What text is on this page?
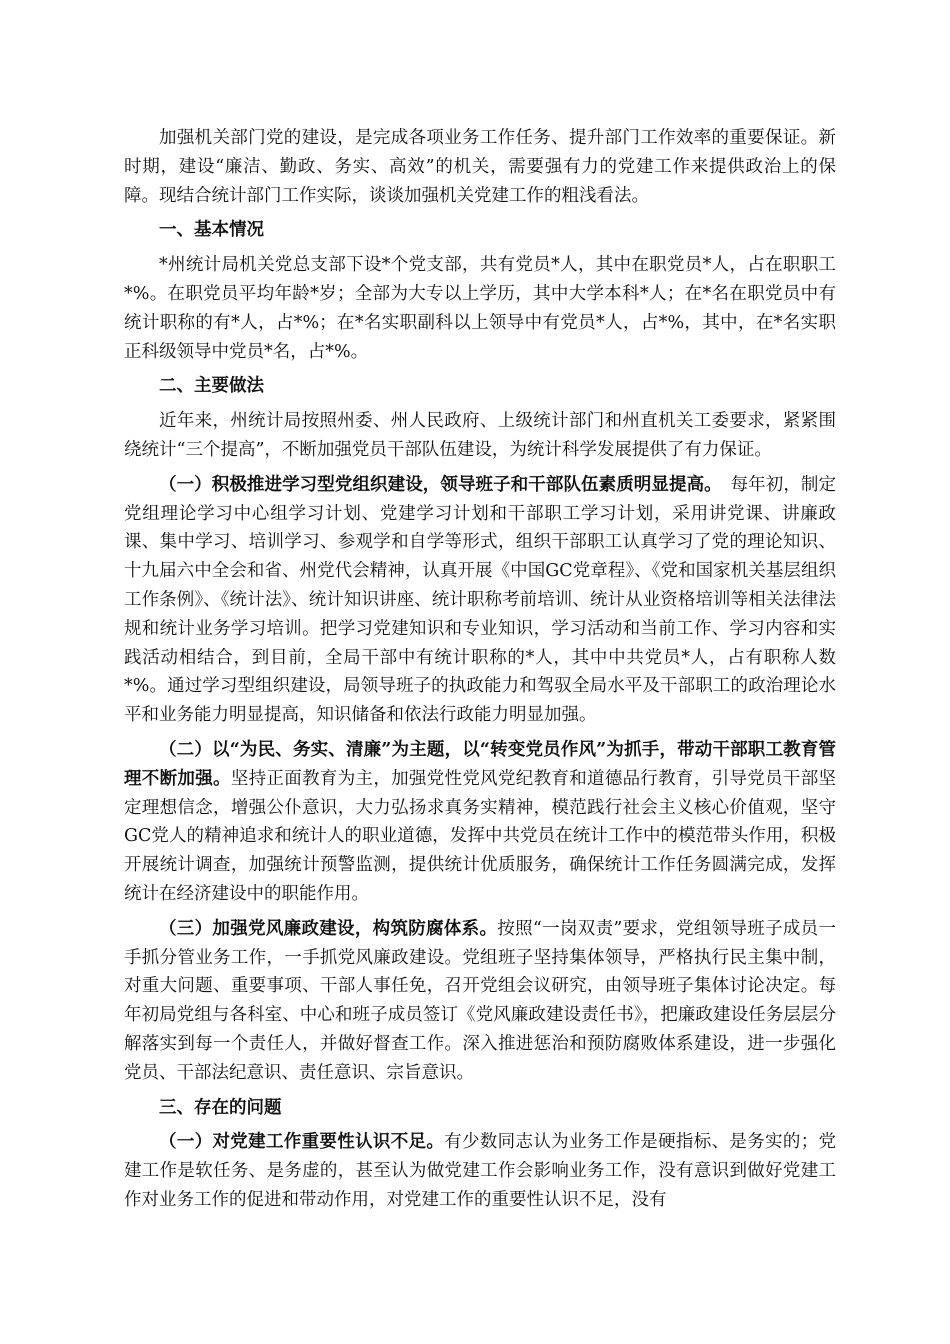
加强机关部门党的建设，是完成各项业务工作任务、提升部门工作效率的重要保证。新时期，建设“廉洁、勤政、务实、高效”的机关，需要强有力的党建工作来提供政治上的保障。现结合统计部门工作实际，谈谈加强机关党建工作的粗浅看法。

一、基本情况

*州统计局机关党总支部下设*个党支部，共有党员*人，其中在职党员*人，占在职职工*%。在职党员平均年龄*岁；全部为大专以上学历，其中大学本科*人；在*名在职党员中有统计职称的有*人，占*%；在*名实职副科以上领导中有党员*人，占*%，其中，在*名实职正科级领导中党员*名，占*%。

二、主要做法

近年来，州统计局按照州委、州人民政府、上级统计部门和州直机关工委要求，紧紧围绕统计“三个提高”，不断加强党员干部队伍建设，为统计科学发展提供了有力保证。

（一）积极推进学习型党组织建设，领导班子和干部队伍素质明显提高。　每年初，制定党组理论学习中心组学习计划、党建学习计划和干部职工学习计划，采用讲党课、讲廉政课、集中学习、培训学习、参观学和自学等形式，组织干部职工认真学习了党的理论知识、十九届六中全会和省、州党代会精神，认真开展《中国GC党章程》、《党和国家机关基层组织工作条例》、《统计法》、统计知识讲座、统计职称考前培训、统计从业资格培训等相关法律法规和统计业务学习培训。把学习党建知识和专业知识，学习活动和当前工作、学习内容和实践活动相结合，到目前，全局干部中有统计职称的*人，其中中共党员*人，占有职称人数*%。通过学习型组织建设，局领导班子的执政能力和驾驭全局水平及干部职工的政治理论水平和业务能力明显提高，知识储备和依法行政能力明显加强。

（二）以“为民、务实、清廉”为主题，以“转变党员作风”为抓手，带动干部职工教育管理不断加强。坚持正面教育为主，加强党性党风党纪教育和道德品行教育，引导党员干部坚定理想信念，增强公仆意识，大力弘扬求真务实精神，模范践行社会主义核心价值观，坚守GC党人的精神追求和统计人的职业道德，发挥中共党员在统计工作中的模范带头作用，积极开展统计调查，加强统计预警监测，提供统计优质服务，确保统计工作任务圆满完成，发挥统计在经济建设中的职能作用。

（三）加强党风廉政建设，构筑防腐体系。按照“一岗双责”要求，党组领导班子成员一手抓分管业务工作，一手抓党风廉政建设。党组班子坚持集体领导，严格执行民主集中制，对重大问题、重要事项、干部人事任免，召开党组会议研究，由领导班子集体讨论决定。每年初局党组与各科室、中心和班子成员签订《党风廉政建设责任书》，把廉政建设任务层层分解落实到每一个责任人，并做好督查工作。深入推进惩治和预防腐败体系建设，进一步强化党员、干部法纪意识、责任意识、宗旨意识。

三、存在的问题

（一）对党建工作重要性认识不足。有少数同志认为业务工作是硬指标、是务实的；党建工作是软任务、是务虚的，甚至认为做党建工作会影响业务工作，没有意识到做好党建工作对业务工作的促进和带动作用，对党建工作的重要性认识不足，没有
